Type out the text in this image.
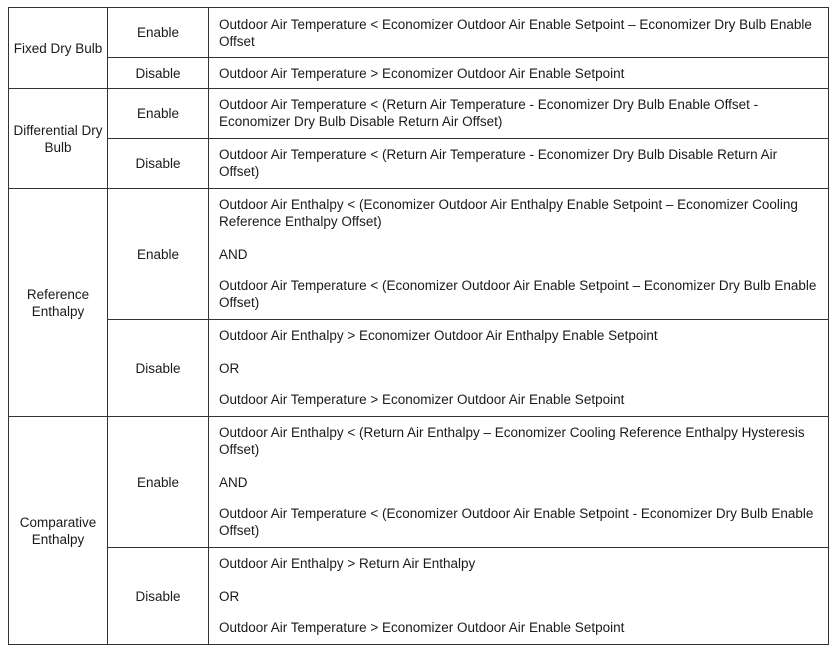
Fixed Dry Bulb	Enable	Outdoor Air Temperature < Economizer Outdoor Air Enable Setpoint – Economizer Dry Bulb Enable Offset

	Disable	Outdoor Air Temperature > Economizer Outdoor Air Enable Setpoint

Differential Dry Bulb	Enable	Outdoor Air Temperature < (Return Air Temperature - Economizer Dry Bulb Enable Offset - Economizer Dry Bulb Disable Return Air Offset)

	Disable	Outdoor Air Temperature < (Return Air Temperature - Economizer Dry Bulb Disable Return Air Offset)

Reference Enthalpy	Enable	Outdoor Air Enthalpy < (Economizer Outdoor Air Enthalpy Enable Setpoint – Economizer Cooling Reference Enthalpy Offset)
AND
Outdoor Air Temperature < (Economizer Outdoor Air Enable Setpoint – Economizer Dry Bulb Enable Offset)

	Disable	Outdoor Air Enthalpy > Economizer Outdoor Air Enthalpy Enable Setpoint
OR
Outdoor Air Temperature > Economizer Outdoor Air Enable Setpoint

Comparative Enthalpy	Enable	Outdoor Air Enthalpy < (Return Air Enthalpy – Economizer Cooling Reference Enthalpy Hysteresis Offset)
AND
Outdoor Air Temperature < (Economizer Outdoor Air Enable Setpoint - Economizer Dry Bulb Enable Offset)

	Disable	Outdoor Air Enthalpy > Return Air Enthalpy
OR
Outdoor Air Temperature > Economizer Outdoor Air Enable Setpoint
